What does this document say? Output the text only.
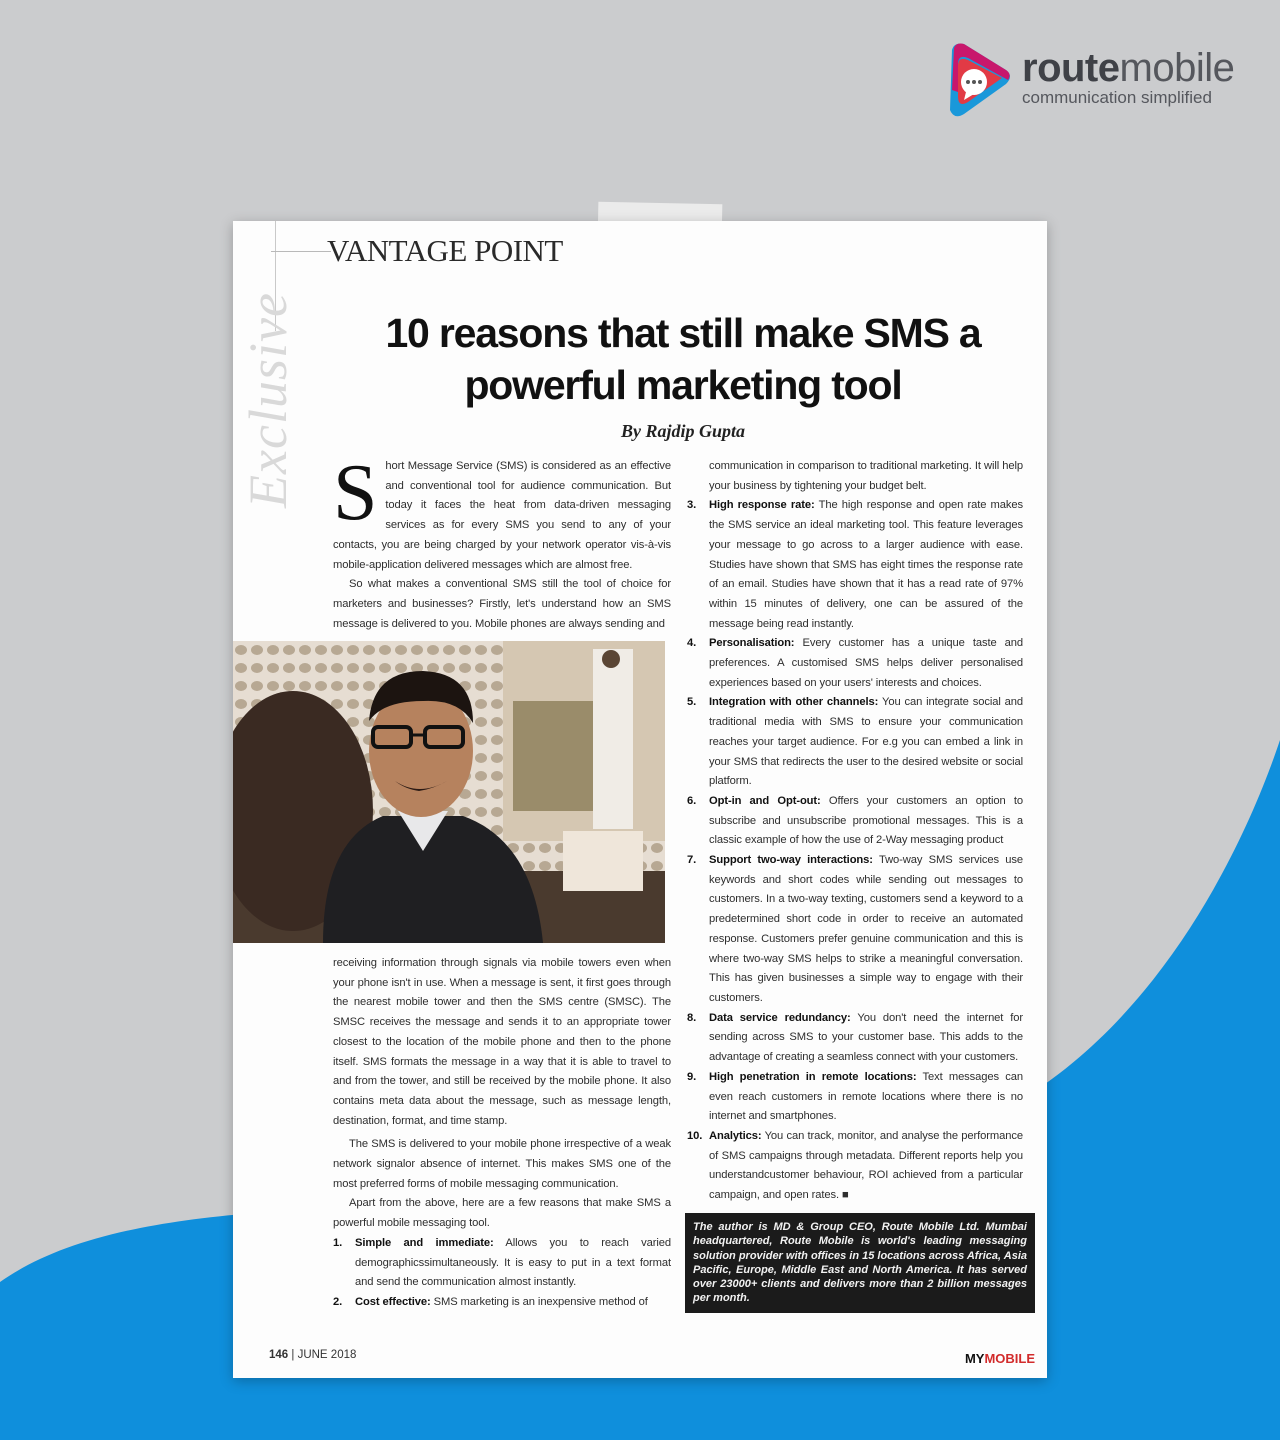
routemobile
communication simplified
VANTAGE POINT
Exclusive	10 reasons that still make SMS a powerful marketing tool
By Rajdip Gupta

Short Message Service (SMS) is considered as an effective and conventional tool for audience communication. But today it faces the heat from data-driven messaging services as for every SMS you send to any of your contacts, you are being charged by your network operator vis-à-vis mobile-application delivered messages which are almost free.

So what makes a conventional SMS still the tool of choice for marketers and businesses? Firstly, let's understand how an SMS message is delivered to you. Mobile phones are always sending and

receiving information through signals via mobile towers even when your phone isn't in use. When a message is sent, it first goes through the nearest mobile tower and then the SMS centre (SMSC). The SMSC receives the message and sends it to an appropriate tower closest to the location of the mobile phone and then to the phone itself. SMS formats the message in a way that it is able to travel to and from the tower, and still be received by the mobile phone. It also contains meta data about the message, such as message length, destination, format, and time stamp.

The SMS is delivered to your mobile phone irrespective of a weak network signalor absence of internet. This makes SMS one of the most preferred forms of mobile messaging communication.

Apart from the above, here are a few reasons that make SMS a powerful mobile messaging tool.

1. Simple and immediate: Allows you to reach varied demographicssimultaneously. It is easy to put in a text format and send the communication almost instantly.
2. Cost effective: SMS marketing is an inexpensive method of

communication in comparison to traditional marketing. It will help your business by tightening your budget belt.

3. High response rate: The high response and open rate makes the SMS service an ideal marketing tool. This feature leverages your message to go across to a larger audience with ease. Studies have shown that SMS has eight times the response rate of an email. Studies have shown that it has a read rate of 97% within 15 minutes of delivery, one can be assured of the message being read instantly.
4. Personalisation: Every customer has a unique taste and preferences. A customised SMS helps deliver personalised experiences based on your users' interests and choices.
5. Integration with other channels: You can integrate social and traditional media with SMS to ensure your communication reaches your target audience. For e.g you can embed a link in your SMS that redirects the user to the desired website or social platform.
6. Opt-in and Opt-out: Offers your customers an option to subscribe and unsubscribe promotional messages. This is a classic example of how the use of 2-Way messaging product
7. Support two-way interactions: Two-way SMS services use keywords and short codes while sending out messages to customers. In a two-way texting, customers send a keyword to a predetermined short code in order to receive an automated response. Customers prefer genuine communication and this is where two-way SMS helps to strike a meaningful conversation. This has given businesses a simple way to engage with their customers.
8. Data service redundancy: You don't need the internet for sending across SMS to your customer base. This adds to the advantage of creating a seamless connect with your customers.
9. High penetration in remote locations: Text messages can even reach customers in remote locations where there is no internet and smartphones.
10. Analytics: You can track, monitor, and analyse the performance of SMS campaigns through metadata. Different reports help you understandcustomer behaviour, ROI achieved from a particular campaign, and open rates. ■
The author is MD & Group CEO, Route Mobile Ltd. Mumbai headquartered, Route Mobile is world's leading messaging solution provider with offices in 15 locations across Africa, Asia Pacific, Europe, Middle East and North America. It has served over 23000+ clients and delivers more than 2 billion messages per month.
146 | JUNE 2018	MYMOBILE
